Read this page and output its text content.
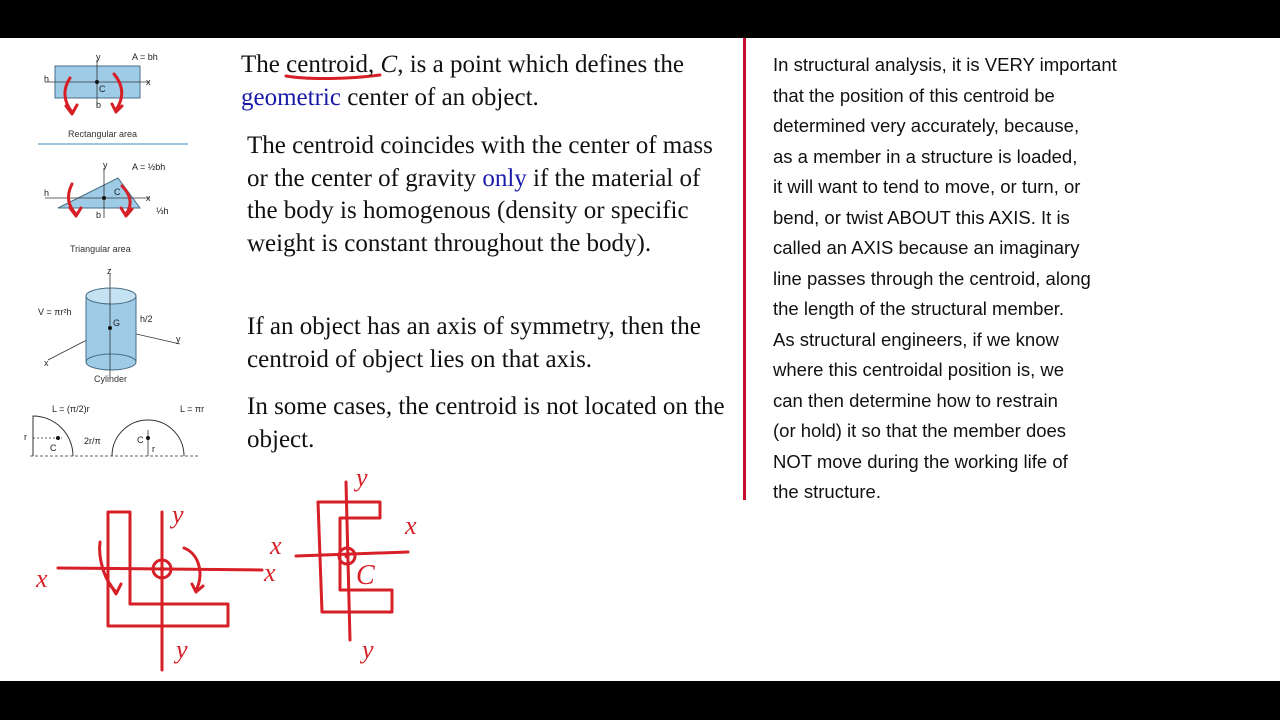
y
x
h
b
C
A = bh
Rectangular area
y
x
h
b
C
⅓h
A = ½bh
Triangular area
z
y
x
G h/2
V = πr²h
Cylinder
C
r	2r/π
L = (π/2)r
C
r
L = πr
x	x
y
y
x
x
y
y
C

The centroid, C, is a point which defines the
geometric center of an object.

The centroid coincides with the center of mass or the center of gravity only if the material of the body is homogenous (density or specific weight is constant throughout the body).

If an object has an axis of symmetry, then the centroid of object lies on that axis.

In some cases, the centroid is not located on the object.

In structural analysis, it is VERY important
that the position of this centroid be
determined very accurately, because,
as a member in a structure is loaded,
it will want to tend to move, or turn, or
bend, or twist ABOUT this AXIS. It is
called an AXIS because an imaginary
line passes through the centroid, along
the length of the structural member.
As structural engineers, if we know
where this centroidal position is, we
can then determine how to restrain
(or hold) it so that the member does
NOT move during the working life of
the structure.
